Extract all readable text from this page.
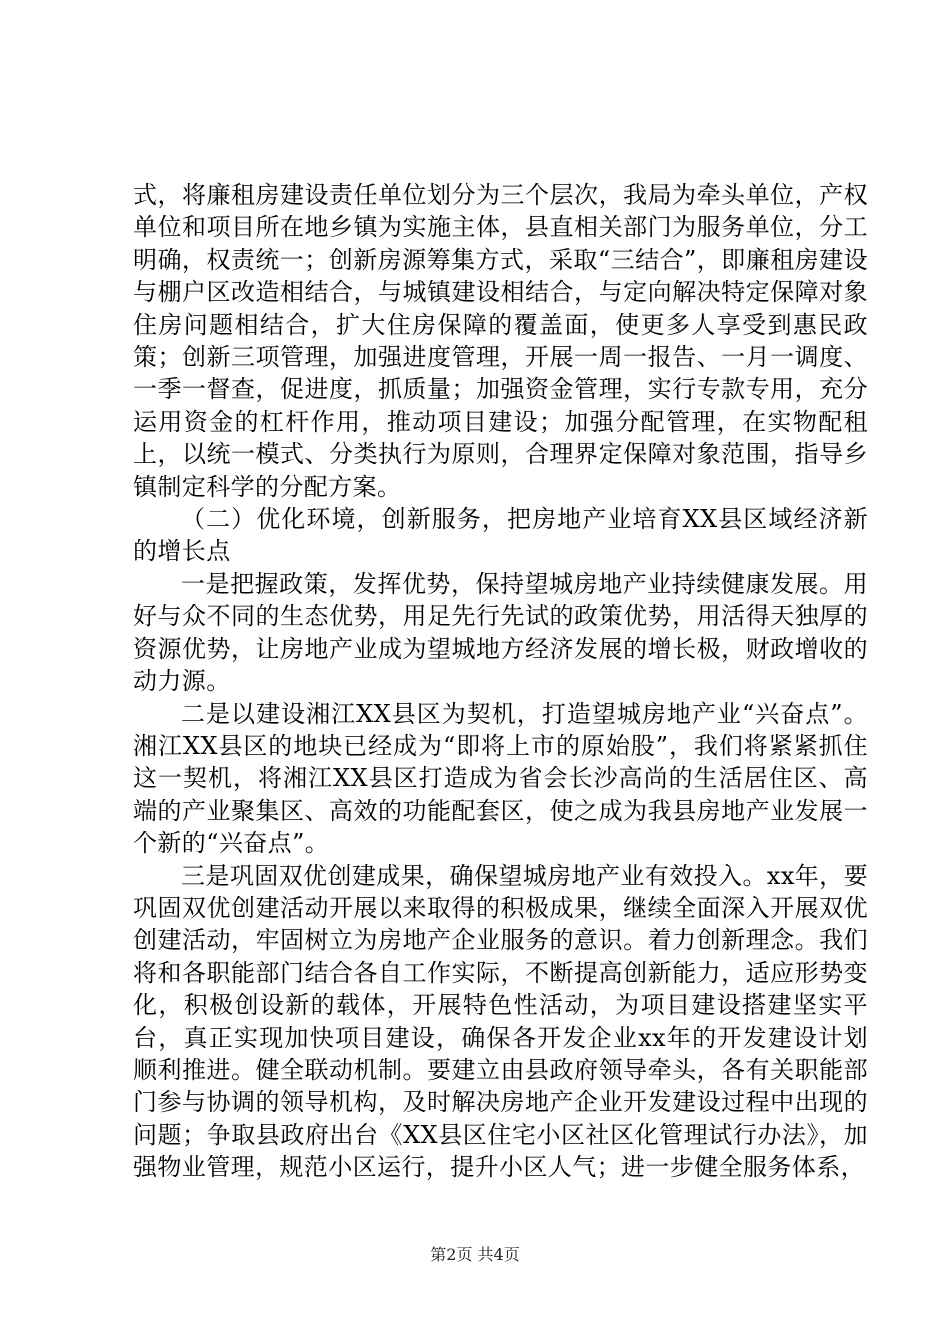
式，将廉租房建设责任单位划分为三个层次，我局为牵头单位，产权单位和项目所在地乡镇为实施主体，县直相关部门为服务单位，分工明确，权责统一；创新房源筹集方式，采取“三结合”，即廉租房建设与棚户区改造相结合，与城镇建设相结合，与定向解决特定保障对象住房问题相结合，扩大住房保障的覆盖面，使更多人享受到惠民政策；创新三项管理，加强进度管理，开展一周一报告、一月一调度、一季一督查，促进度，抓质量；加强资金管理，实行专款专用，充分运用资金的杠杆作用，推动项目建设；加强分配管理，在实物配租上，以统一模式、分类执行为原则，合理界定保障对象范围，指导乡镇制定科学的分配方案。

（二）优化环境，创新服务，把房地产业培育XX县区域经济新的增长点

一是把握政策，发挥优势，保持望城房地产业持续健康发展。用好与众不同的生态优势，用足先行先试的政策优势，用活得天独厚的资源优势，让房地产业成为望城地方经济发展的增长极，财政增收的动力源。

二是以建设湘江XX县区为契机，打造望城房地产业“兴奋点”。湘江XX县区的地块已经成为“即将上市的原始股”，我们将紧紧抓住这一契机，将湘江XX县区打造成为省会长沙高尚的生活居住区、高端的产业聚集区、高效的功能配套区，使之成为我县房地产业发展一个新的“兴奋点”。

三是巩固双优创建成果，确保望城房地产业有效投入。xx年，要巩固双优创建活动开展以来取得的积极成果，继续全面深入开展双优创建活动，牢固树立为房地产企业服务的意识。着力创新理念。我们将和各职能部门结合各自工作实际，不断提高创新能力，适应形势变化，积极创设新的载体，开展特色性活动，为项目建设搭建坚实平台，真正实现加快项目建设，确保各开发企业xx年的开发建设计划顺利推进。健全联动机制。要建立由县政府领导牵头，各有关职能部门参与协调的领导机构，及时解决房地产企业开发建设过程中出现的问题；争取县政府出台《XX县区住宅小区社区化管理试行办法》，加强物业管理，规范小区运行，提升小区人气；进一步健全服务体系，

第2页 共4页
